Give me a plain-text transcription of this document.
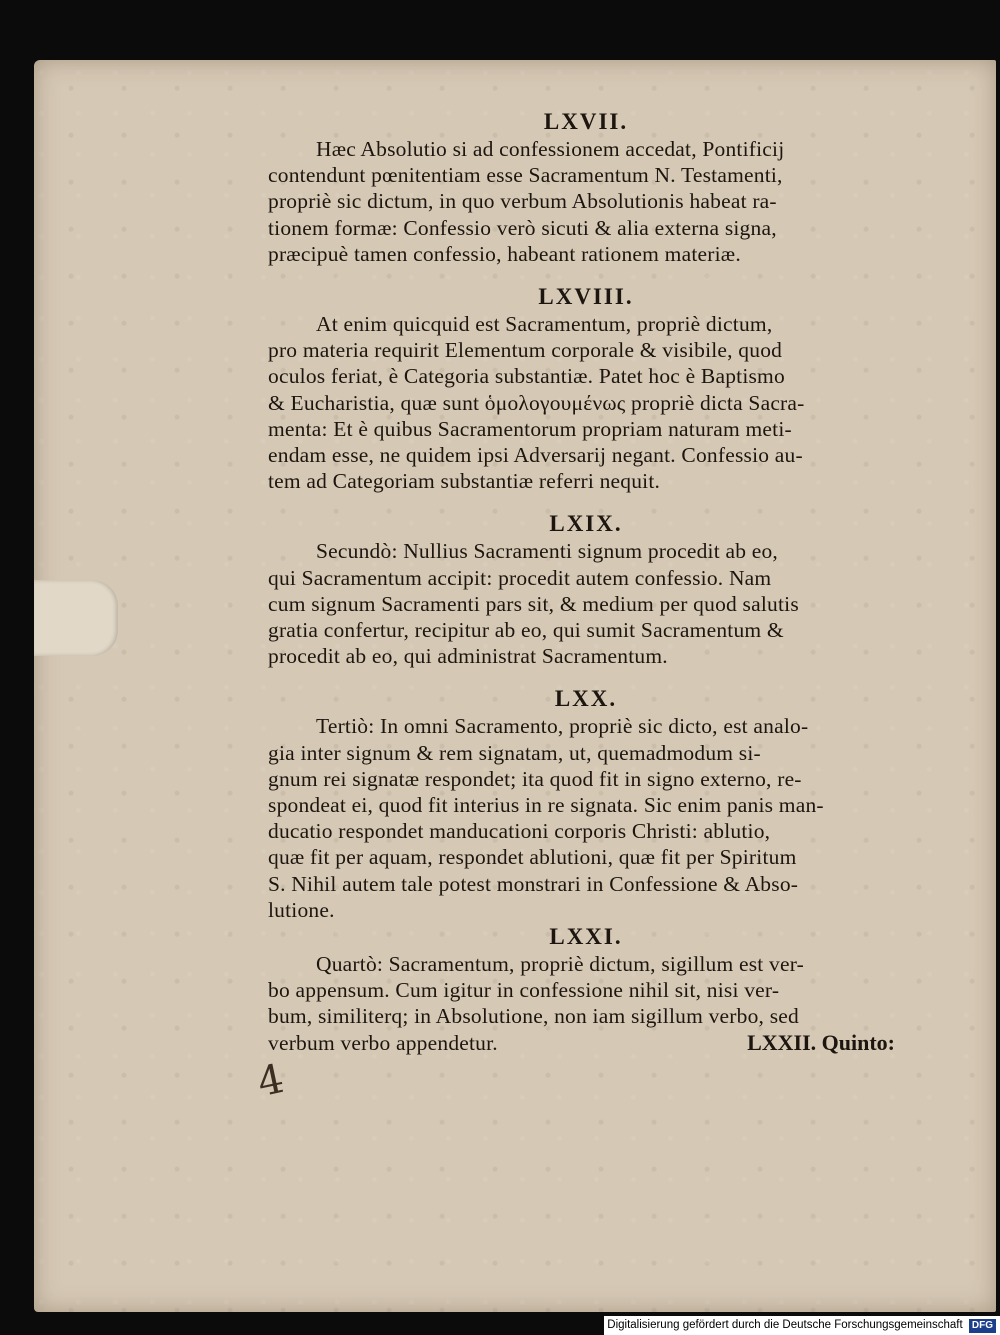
LXVII.

Hæc Absolutio si ad confessionem accedat, Pontificij

contendunt pœnitentiam esse Sacramentum N. Testamenti,

propriè sic dictum, in quo verbum Absolutionis habeat ra-

tionem formæ: Confessio verò sicuti & alia externa signa,

præcipuè tamen confessio, habeant rationem materiæ.

LXVIII.

At enim quicquid est Sacramentum, propriè dictum,

pro materia requirit Elementum corporale & visibile, quod

oculos feriat, è Categoria substantiæ. Patet hoc è Baptismo

& Eucharistia, quæ sunt ὁμολογουμένως propriè dicta Sacra-

menta: Et è quibus Sacramentorum propriam naturam meti-

endam esse, ne quidem ipsi Adversarij negant. Confessio au-

tem ad Categoriam substantiæ referri nequit.

LXIX.

Secundò: Nullius Sacramenti signum procedit ab eo,

qui Sacramentum accipit: procedit autem confessio. Nam

cum signum Sacramenti pars sit, & medium per quod salutis

gratia confertur, recipitur ab eo, qui sumit Sacramentum &

procedit ab eo, qui administrat Sacramentum.

LXX.

Tertiò: In omni Sacramento, propriè sic dicto, est analo-

gia inter signum & rem signatam, ut, quemadmodum si-

gnum rei signatæ respondet; ita quod fit in signo externo, re-

spondeat ei, quod fit interius in re signata. Sic enim panis man-

ducatio respondet manducationi corporis Christi: ablutio,

quæ fit per aquam, respondet ablutioni, quæ fit per Spiritum

S. Nihil autem tale potest monstrari in Confessione & Abso-

lutione.

LXXI.

Quartò: Sacramentum, propriè dictum, sigillum est ver-

bo appensum. Cum igitur in confessione nihil sit, nisi ver-

bum, similiterq; in Absolutione, non iam sigillum verbo, sed

verbum verbo appendetur.	LXXII. Quinto:
4
Digitalisierung gefördert durch die Deutsche Forschungsgemeinschaft DFG
